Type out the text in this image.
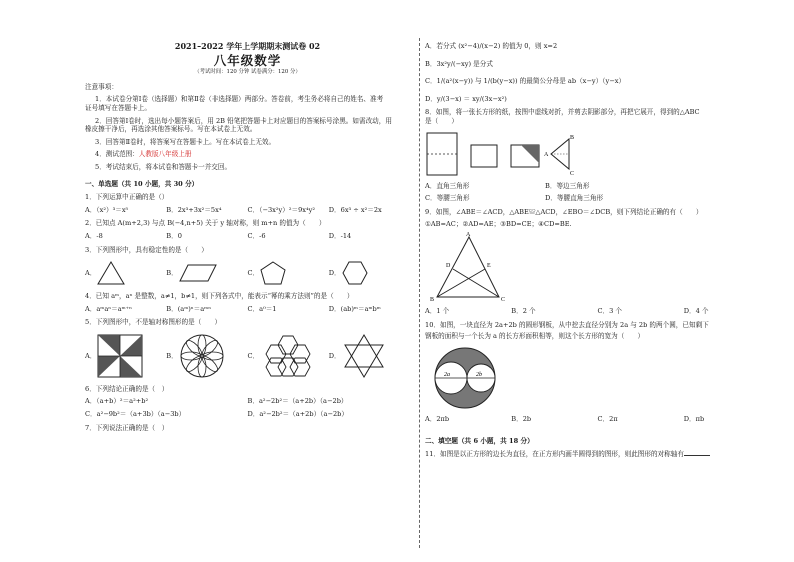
2021–2022 学年上学期期末测试卷 02
八年级数学
（考试时间：120 分钟 试卷满分：120 分）

注意事项：

1．本试卷分第Ⅰ卷（选择题）和第Ⅱ卷（非选择题）两部分。答卷前，考生务必将自己的姓名、准考

证号填写在答题卡上。

2．回答第Ⅰ卷时，选出每小题答案后，用 2B 铅笔把答题卡上对应题目的答案标号涂黑。如需改动，用

橡皮擦干净后，再选涂其他答案标号。写在本试卷上无效。

3．回答第Ⅱ卷时，将答案写在答题卡上。写在本试卷上无效。

4．测试范围：人教版八年级上册

5．考试结束后，将本试卷和答题卡一并交回。

一、单选题（共 10 小题，共 30 分）
1．下列运算中正确的是（）
A．（x²）³＝x⁵	B．2x³+3x²＝5x⁴	C．（−3x²y）²＝9x⁴y²	D．6x³ ÷ x²＝2x
2．已知点 A(m+2,3) 与点 B(−4,n+5) 关于 y 轴对称，则 m+n 的值为（　　）
A．-8	B．0	C．-6	D．-14
3．下列图形中，具有稳定性的是（　　）
A．	B．	C．	D．
4．已知 aᵐ，aⁿ 是整数，a≠1，b≠1，则下列各式中，能表示“幂的乘方法则”的是（　　）
A．aᵐaⁿ＝aᵐ⁺ⁿ	B．(aᵐ)ⁿ＝aᵐⁿ	C．a⁰＝1	D．(ab)ᵐ＝aᵐbᵐ
5．下列图形中，不是轴对称图形的是（　　）
A．	B．	C．	D．
6．下列结论正确的是（　）
A．（a+b）²＝a²+b²	B．a²−2b²＝（a+2b）（a−2b）
C．a²−9b²＝（a+3b）（a−3b）	D．a²−2b²＝（a+2b）（a−2b）
7．下列说法正确的是（　）
A．若分式 (x²−4)/(x−2) 的值为 0，则 x=2
B．3x²y/(−xy) 是分式
C．1/(a²(x−y)) 与 1/(b(y−x)) 的最简公分母是 ab（x−y）（y−x）
D．y/(3−x) ＝ xy/(3x−x²)
8．如图，将一张长方形的纸，按图中虚线对折，并剪去阴影部分，再把它展开，得到的△ABC
是（　　）
A
B
C
A．直角三角形	B．等边三角形
C．等腰三角形	D．等腰直角三角形
9．如图，∠ABE＝∠ACD，△ABE≌△ACD，∠EBO＝∠DCB，则下列结论正确的有（　　）
①AB=AC；②AD=AE；③BD=CE；④CD=BE.
A
D	E
B	C
A．1 个	B．2 个	C．3 个	D．4 个
10．如图，一块直径为 2a+2b 的圆形钢板，从中挖去直径分别为 2a 与 2b 的两个圆，已知剩下
钢板的面积与一个长为 a 的长方形面积相等，则这个长方形的宽为（　　）
2a	2b
A．2πb	B．2b	C．2π	D．πb
二、填空题（共 6 小题，共 18 分）
11．如图是以正方形的边长为直径，在正方形内画半圆得到的图形，则此图形的对称轴有
